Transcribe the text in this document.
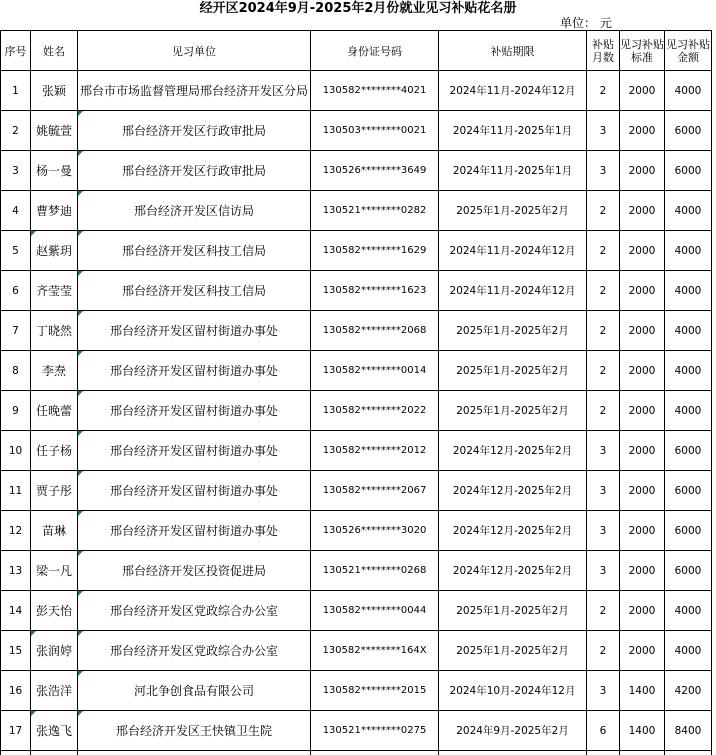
经开区2024年9月-2025年2月份就业见习补贴花名册
单位： 元
序号	姓名	见习单位	身份证号码	补贴期限	补贴月数	见习补贴标准	见习补贴金额
1	张颖	邢台市市场监督管理局邢台经济开发区分局	130582********4021	2024年11月-2024年12月	2	2000	4000
2	姚毓萱	邢台经济开发区行政审批局	130503********0021	2024年11月-2025年1月	3	2000	6000
3	杨一曼	邢台经济开发区行政审批局	130526********3649	2024年11月-2025年1月	3	2000	6000
4	曹梦迪	邢台经济开发区信访局	130521********0282	2025年1月-2025年2月	2	2000	4000
5	赵紫玥	邢台经济开发区科技工信局	130582********1629	2024年11月-2024年12月	2	2000	4000
6	齐莹莹	邢台经济开发区科技工信局	130582********1623	2024年11月-2024年12月	2	2000	4000
7	丁晓然	邢台经济开发区留村街道办事处	130582********2068	2025年1月-2025年2月	2	2000	4000
8	李焘	邢台经济开发区留村街道办事处	130582********0014	2025年1月-2025年2月	2	2000	4000
9	任晚蕾	邢台经济开发区留村街道办事处	130582********2022	2025年1月-2025年2月	2	2000	4000
10	任子杨	邢台经济开发区留村街道办事处	130582********2012	2024年12月-2025年2月	3	2000	6000
11	贾子彤	邢台经济开发区留村街道办事处	130582********2067	2024年12月-2025年2月	3	2000	6000
12	苗琳	邢台经济开发区留村街道办事处	130526********3020	2024年12月-2025年2月	3	2000	6000
13	梁一凡	邢台经济开发区投资促进局	130521********0268	2024年12月-2025年2月	3	2000	6000
14	彭天怡	邢台经济开发区党政综合办公室	130582********0044	2025年1月-2025年2月	2	2000	4000
15	张润婷	邢台经济开发区党政综合办公室	130582********164X	2025年1月-2025年2月	2	2000	4000
16	张浩洋	河北争创食品有限公司	130582********2015	2024年10月-2024年12月	3	1400	4200
17	张逸飞	邢台经济开发区王快镇卫生院	130521********0275	2024年9月-2025年2月	6	1400	8400
